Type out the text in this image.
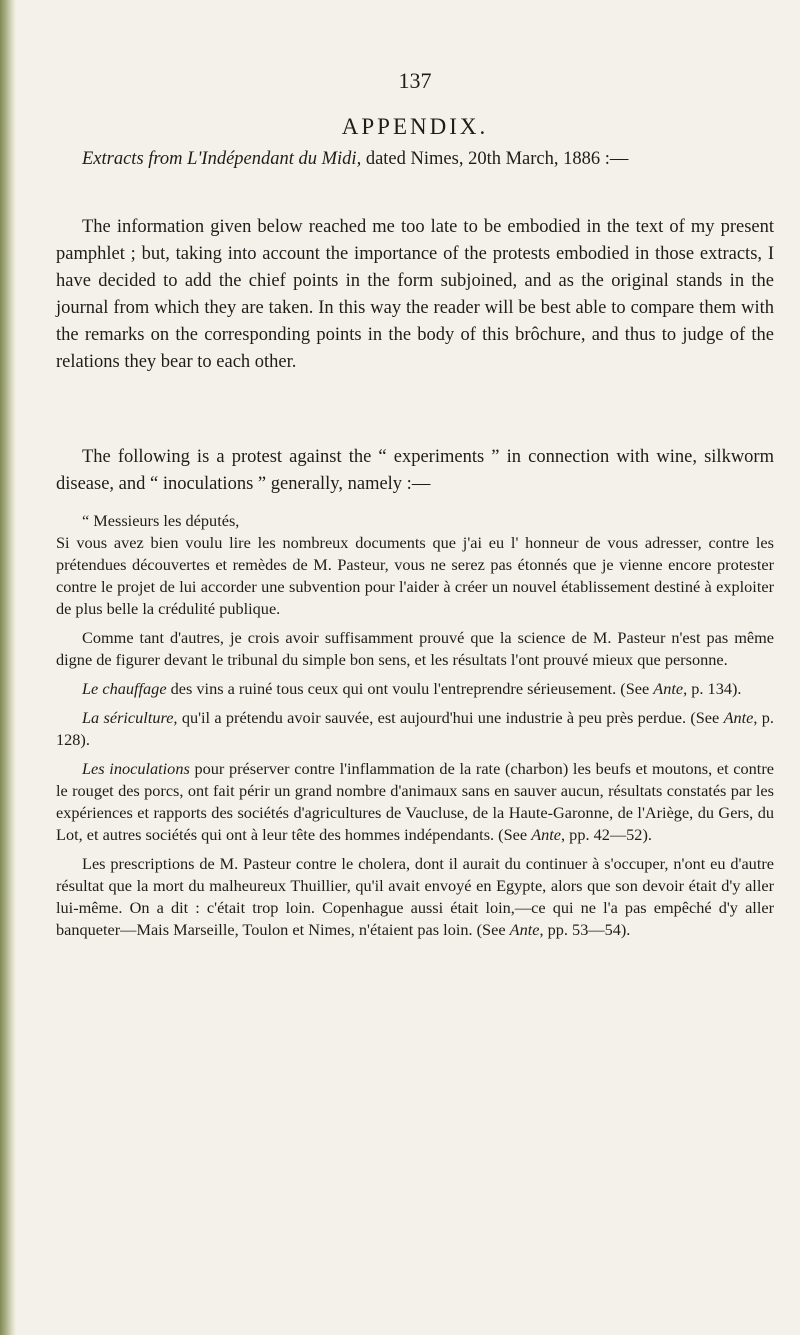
137
APPENDIX.

Extracts from L'Indépendant du Midi, dated Nimes, 20th March, 1886 :—

The information given below reached me too late to be embodied in the text of my present pamphlet ; but, taking into account the importance of the protests embodied in those extracts, I have decided to add the chief points in the form subjoined, and as the original stands in the journal from which they are taken. In this way the reader will be best able to compare them with the remarks on the corresponding points in the body of this brôchure, and thus to judge of the relations they bear to each other.

The following is a protest against the “ experiments ” in connection with wine, silkworm disease, and “ inoculations ” generally, namely :—

“ Messieurs les députés,

Si vous avez bien voulu lire les nombreux documents que j'ai eu l' honneur de vous adresser, contre les prétendues découvertes et remèdes de M. Pasteur, vous ne serez pas étonnés que je vienne encore protester contre le projet de lui accorder une subvention pour l'aider à créer un nouvel établissement destiné à exploiter de plus belle la crédulité publique.

Comme tant d'autres, je crois avoir suffisamment prouvé que la science de M. Pasteur n'est pas même digne de figurer devant le tribunal du simple bon sens, et les résultats l'ont prouvé mieux que personne.

Le chauffage des vins a ruiné tous ceux qui ont voulu l'entreprendre sérieusement. (See Ante, p. 134).

La sériculture, qu'il a prétendu avoir sauvée, est aujourd'hui une industrie à peu près perdue. (See Ante, p. 128).

Les inoculations pour préserver contre l'inflammation de la rate (charbon) les beufs et moutons, et contre le rouget des porcs, ont fait périr un grand nombre d'animaux sans en sauver aucun, résultats constatés par les expériences et rapports des sociétés d'agricultures de Vaucluse, de la Haute-Garonne, de l'Ariège, du Gers, du Lot, et autres sociétés qui ont à leur tête des hommes indépendants. (See Ante, pp. 42—52).

Les prescriptions de M. Pasteur contre le cholera, dont il aurait du continuer à s'occuper, n'ont eu d'autre résultat que la mort du malheureux Thuillier, qu'il avait envoyé en Egypte, alors que son devoir était d'y aller lui-même. On a dit : c'était trop loin. Copenhague aussi était loin,—ce qui ne l'a pas empêché d'y aller banqueter—Mais Marseille, Toulon et Nimes, n'étaient pas loin. (See Ante, pp. 53—54).
